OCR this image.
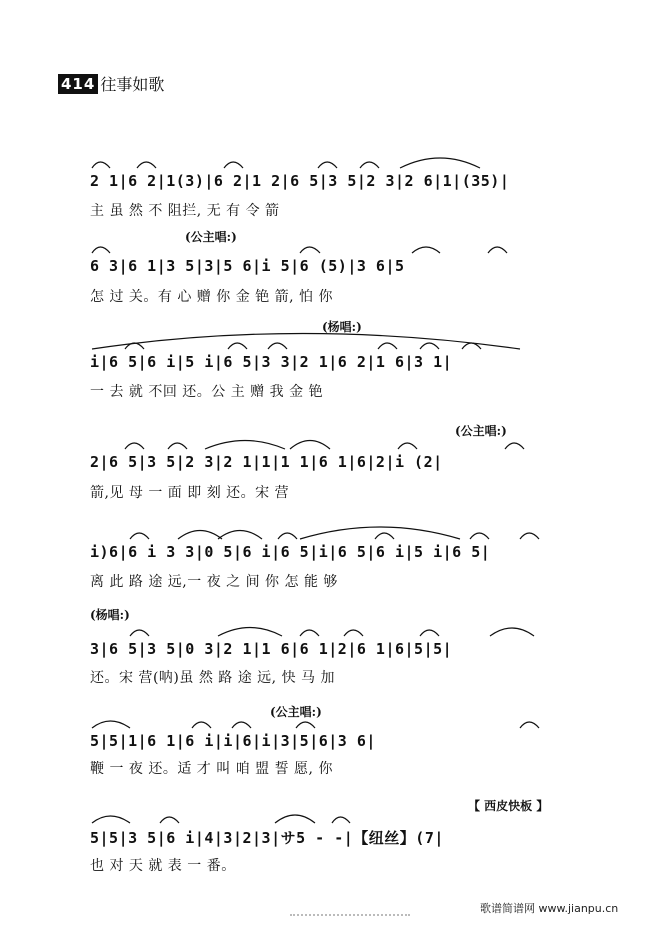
414 往事如歌
2 1|6 2|1(3)|6 2|1 2|6 5|3 5|2 3|2 6|1|(35)|
主 虽 然 不 阻拦, 无 有 令 箭
(公主唱:)
6 3|6 1|3 5|3|5 6|i 5|6 (5)|3 6|5
怎 过 关。有 心 赠 你 金 铯 箭, 怕 你
(杨唱:)
i|6 5|6 i|5 i|6 5|3 3|2 1|6 2|1 6|3 1|
一 去 就 不回 还。公 主 赠 我 金 铯
(公主唱:)
2|6 5|3 5|2 3|2 1|1|1 1|6 1|6|2|i (2|
箭,见 母 一 面 即 刻 还。宋 营
i)6|6 i 3 3|0 5|6 i|6 5|i|6 5|6 i|5 i|6 5|
离 此 路 途 远,一 夜 之 间 你 怎 能 够
(杨唱:)
3|6 5|3 5|0 3|2 1|1 6|6 1|2|6 1|6|5|5|
还。宋 营(呐)虽 然 路 途 远, 快 马 加
(公主唱:)
5|5|1|6 1|6 i|i|6|i|3|5|6|3 6|
鞭 一 夜 还。适 才 叫 咱 盟 誓 愿, 你
【 西皮快板 】
5|5|3 5|6 i|4|3|2|3|サ5 - -|【纽丝】(7|
也 对 天 就 表 一 番。
歌谱简谱网 www.jianpu.cn
